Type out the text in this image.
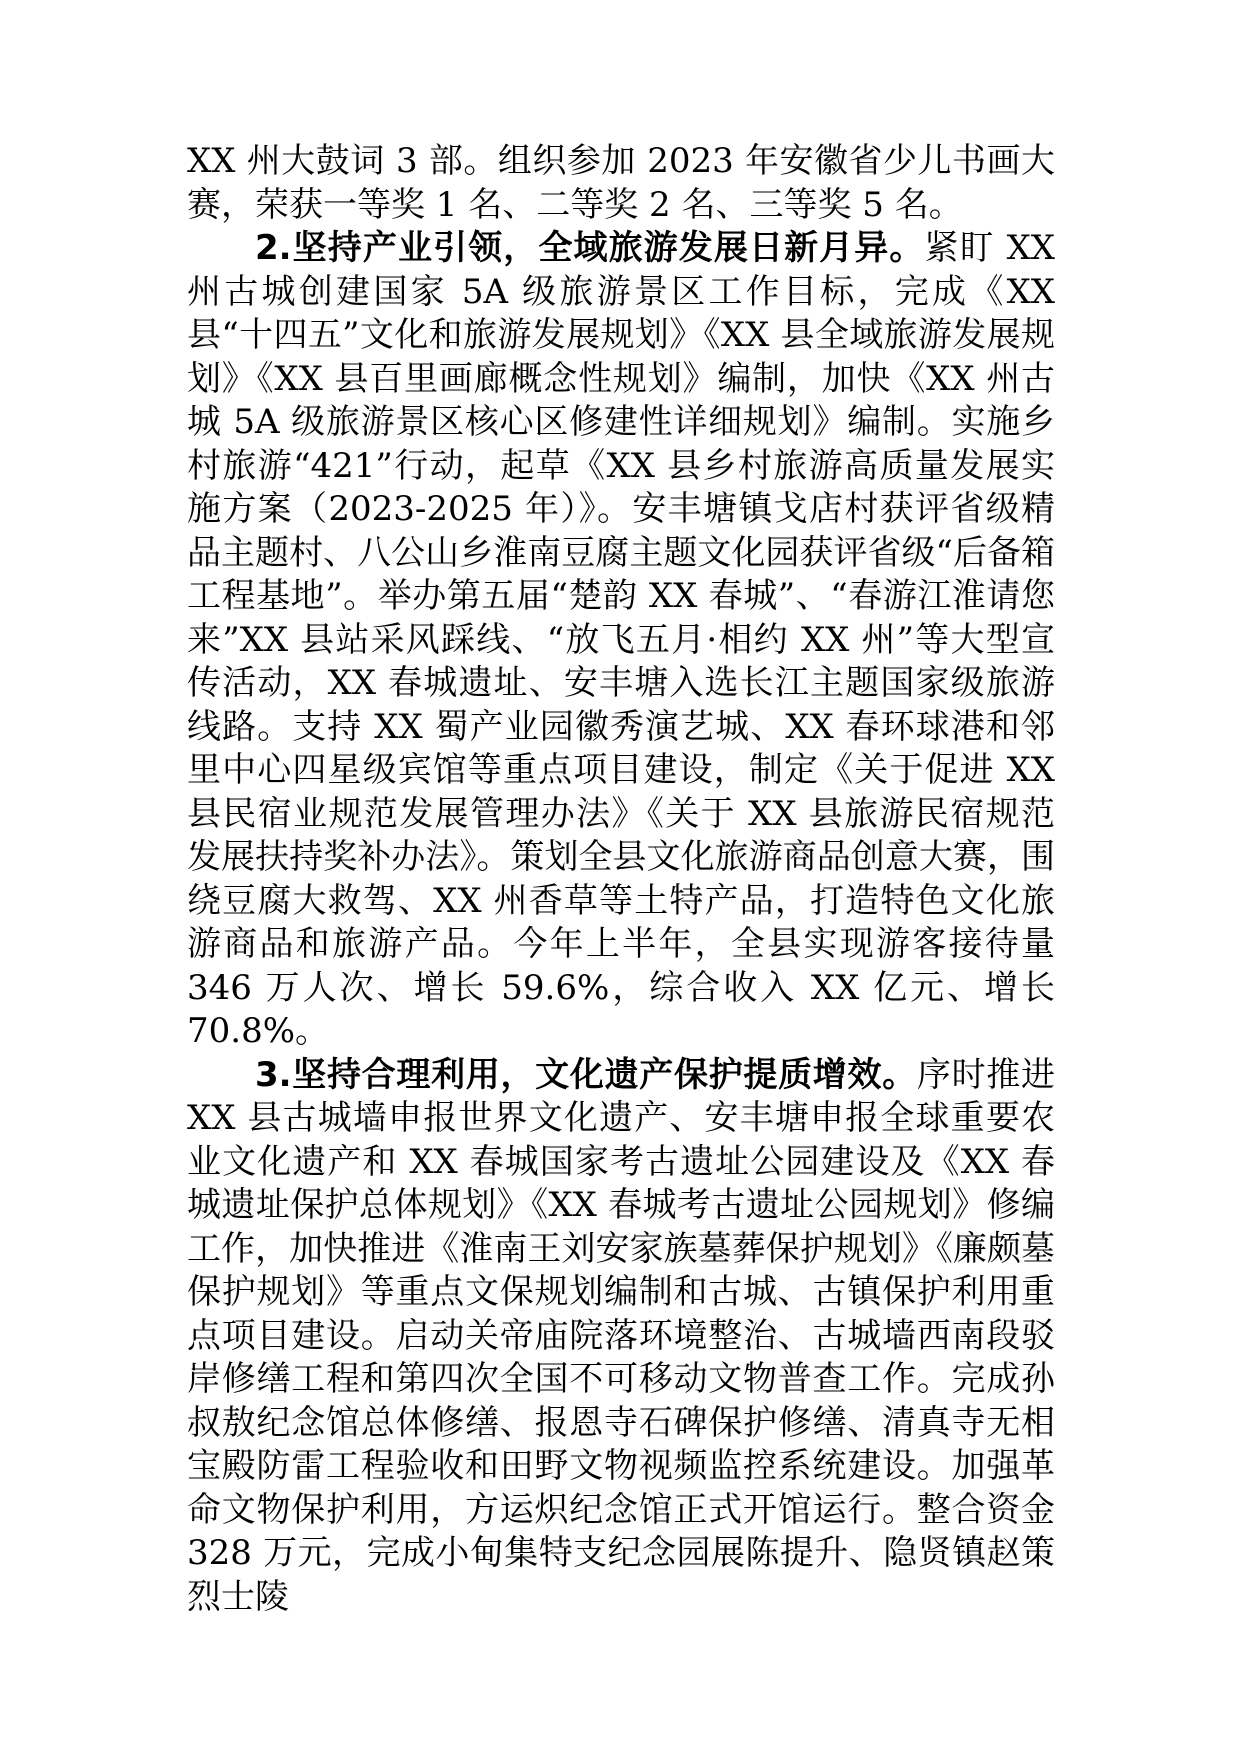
XX 州大鼓词 3 部。组织参加 2023 年安徽省少儿书画大赛，荣获一等奖 1 名、二等奖 2 名、三等奖 5 名。

2.坚持产业引领，全域旅游发展日新月异。紧盯 XX 州古城创建国家 5A 级旅游景区工作目标，完成《XX 县“十四五”文化和旅游发展规划》《XX 县全域旅游发展规划》《XX 县百里画廊概念性规划》编制，加快《XX 州古城 5A 级旅游景区核心区修建性详细规划》编制。实施乡村旅游“421”行动，起草《XX 县乡村旅游高质量发展实施方案（2023-2025 年）》。安丰塘镇戈店村获评省级精品主题村、八公山乡淮南豆腐主题文化园获评省级“后备箱工程基地”。举办第五届“楚韵 XX 春城”、“春游江淮请您来”XX 县站采风踩线、“放飞五月·相约 XX 州”等大型宣传活动，XX 春城遗址、安丰塘入选长江主题国家级旅游线路。支持 XX 蜀产业园徽秀演艺城、XX 春环球港和邻里中心四星级宾馆等重点项目建设，制定《关于促进 XX 县民宿业规范发展管理办法》《关于 XX 县旅游民宿规范发展扶持奖补办法》。策划全县文化旅游商品创意大赛，围绕豆腐大救驾、XX 州香草等土特产品，打造特色文化旅游商品和旅游产品。今年上半年，全县实现游客接待量 346 万人次、增长 59.6%，综合收入 XX 亿元、增长 70.8%。

3.坚持合理利用，文化遗产保护提质增效。序时推进 XX 县古城墙申报世界文化遗产、安丰塘申报全球重要农业文化遗产和 XX 春城国家考古遗址公园建设及《XX 春城遗址保护总体规划》《XX 春城考古遗址公园规划》修编工作，加快推进《淮南王刘安家族墓葬保护规划》《廉颇墓保护规划》等重点文保规划编制和古城、古镇保护利用重点项目建设。启动关帝庙院落环境整治、古城墙西南段驳岸修缮工程和第四次全国不可移动文物普查工作。完成孙叔敖纪念馆总体修缮、报恩寺石碑保护修缮、清真寺无相宝殿防雷工程验收和田野文物视频监控系统建设。加强革命文物保护利用，方运炽纪念馆正式开馆运行。整合资金 328 万元，完成小甸集特支纪念园展陈提升、隐贤镇赵策烈士陵
